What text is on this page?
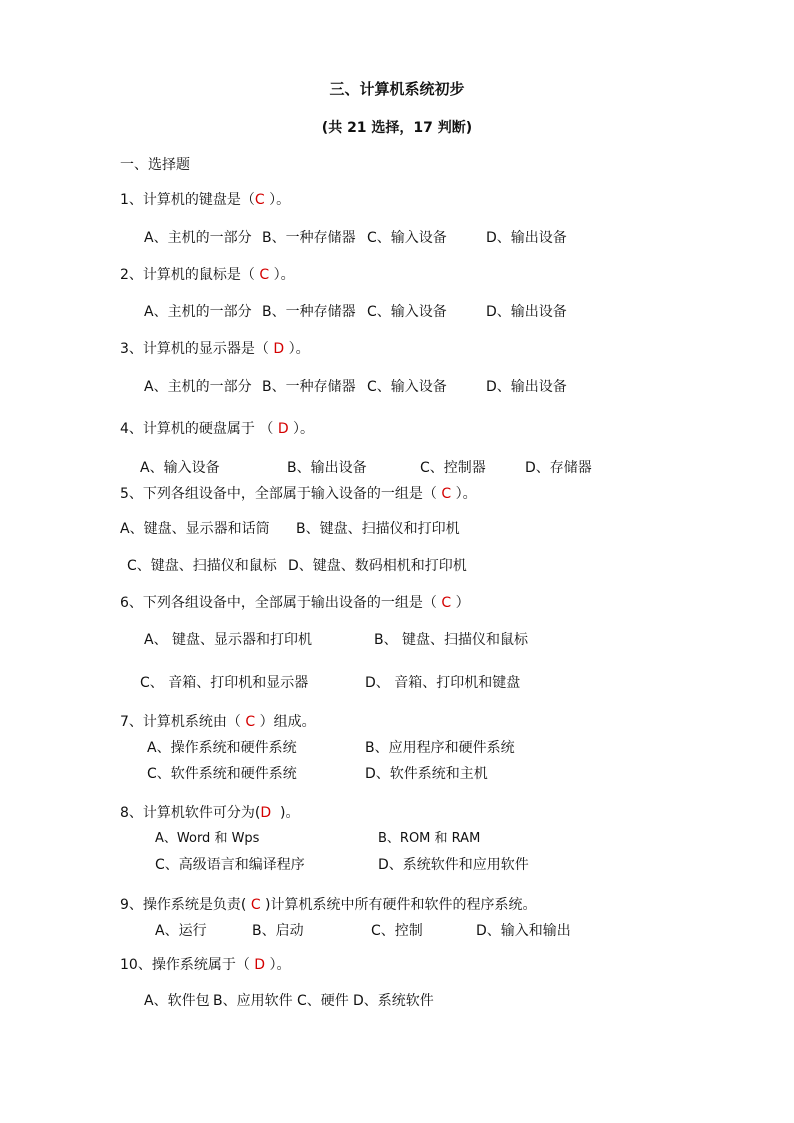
三、计算机系统初步
(共 21 选择，17 判断)
一、选择题
1、计算机的键盘是（C ）。
A、主机的一部分 B、一种存储器 C、输入设备	D、输出设备
2、计算机的鼠标是（ C ）。
A、主机的一部分 B、一种存储器 C、输入设备	D、输出设备
3、计算机的显示器是（ D ）。
A、主机的一部分 B、一种存储器 C、输入设备	D、输出设备
4、计算机的硬盘属于 （ D ）。
A、输入设备	B、输出设备	C、控制器	D、存储器
5、下列各组设备中，全部属于输入设备的一组是（ C ）。
A、键盘、显示器和话筒 B、键盘、扫描仪和打印机
C、键盘、扫描仪和鼠标 D、键盘、数码相机和打印机
6、下列各组设备中，全部属于输出设备的一组是（ C ）
A、 键盘、显示器和打印机	B、 键盘、扫描仪和鼠标
C、 音箱、打印机和显示器	D、 音箱、打印机和键盘
7、计算机系统由（ C ）组成。
A、操作系统和硬件系统	B、应用程序和硬件系统
C、软件系统和硬件系统	D、软件系统和主机
8、计算机软件可分为(D  )。
A、Word 和 Wps	B、ROM 和 RAM
C、高级语言和编译程序	D、系统软件和应用软件
9、操作系统是负责( C )计算机系统中所有硬件和软件的程序系统。
A、运行	B、启动	C、控制	D、输入和输出
10、操作系统属于（ D ）。
A、软件包 B、应用软件 C、硬件 D、系统软件
